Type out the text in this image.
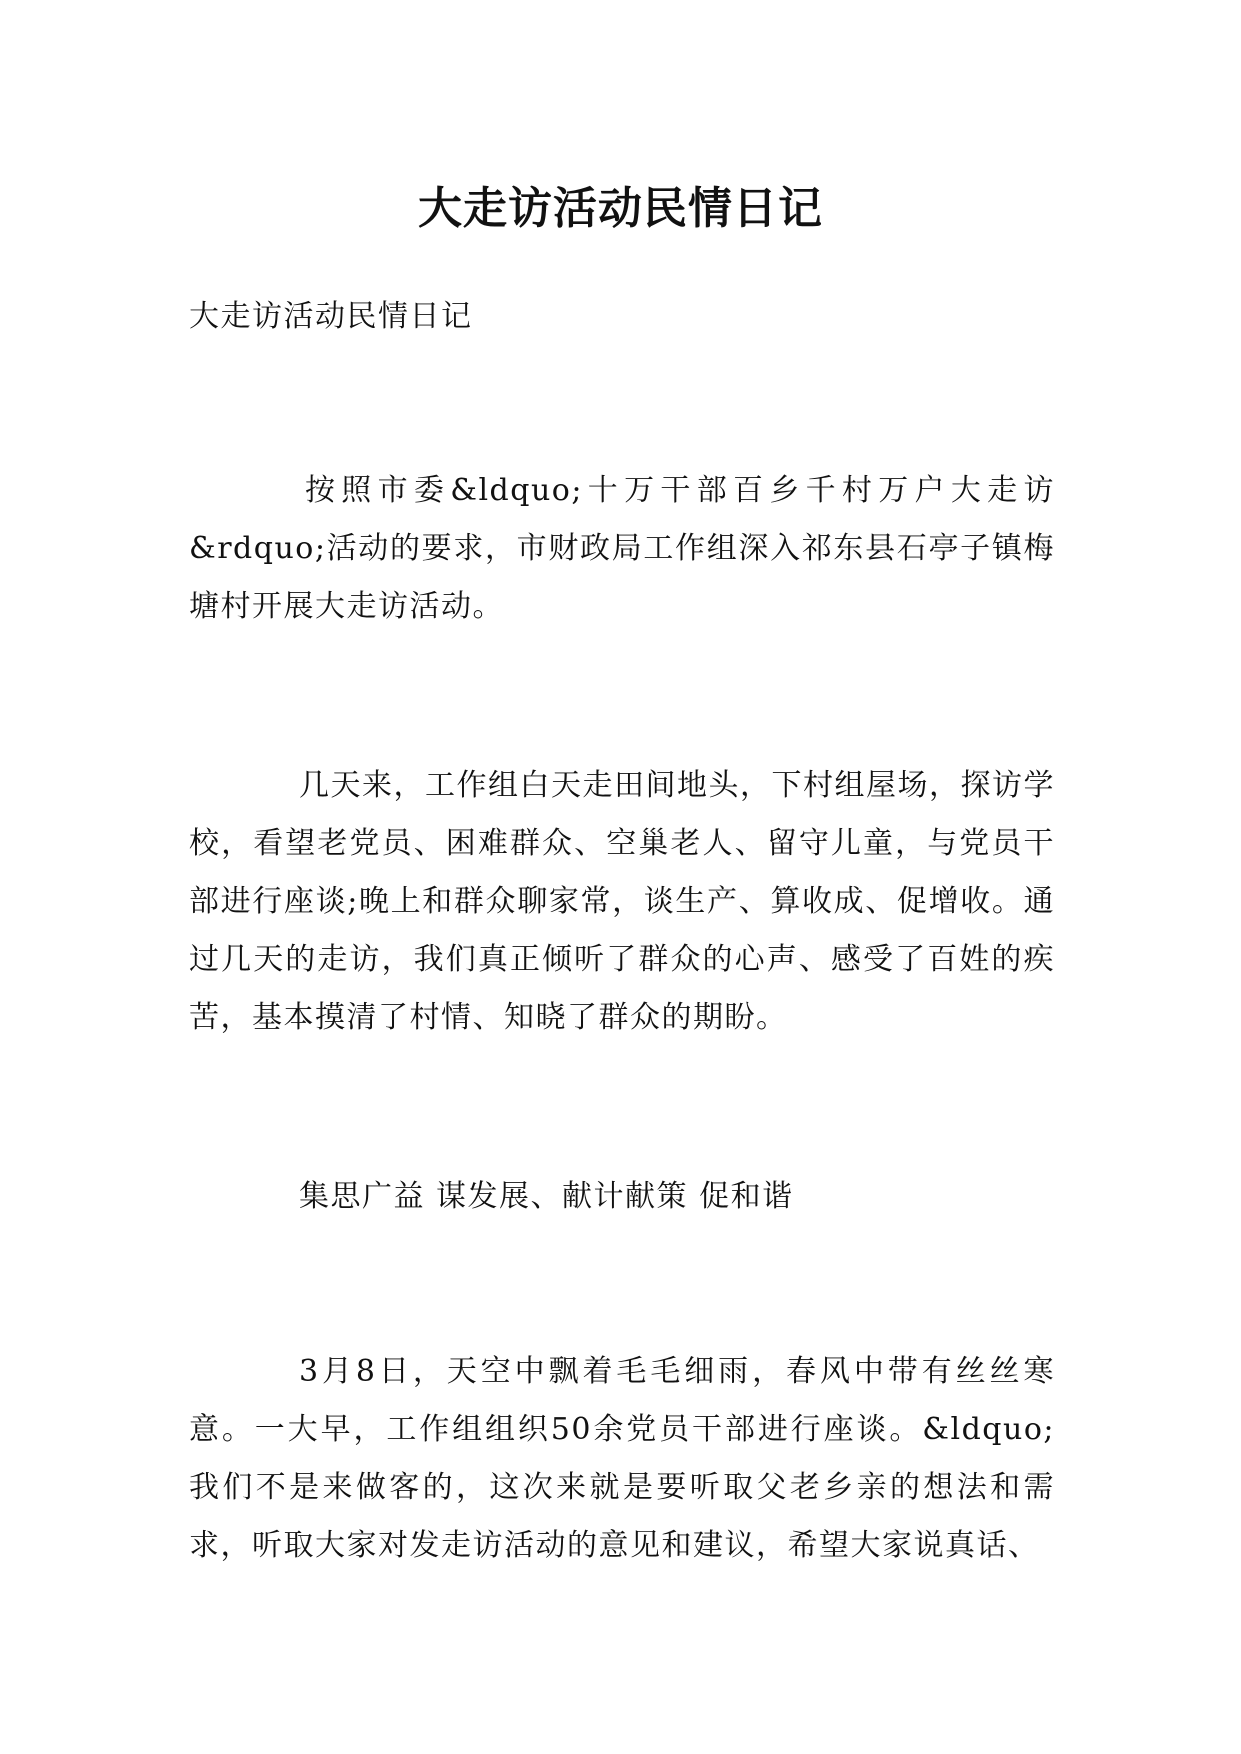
大走访活动民情日记

大走访活动民情日记

按照市委&ldquo;十万干部百乡千村万户大走访&rdquo;活动的要求，市财政局工作组深入祁东县石亭子镇梅塘村开展大走访活动。

几天来，工作组白天走田间地头，下村组屋场，探访学校，看望老党员、困难群众、空巢老人、留守儿童，与党员干部进行座谈;晚上和群众聊家常，谈生产、算收成、促增收。通过几天的走访，我们真正倾听了群众的心声、感受了百姓的疾苦，基本摸清了村情、知晓了群众的期盼。

集思广益 谋发展、献计献策 促和谐

3月8日，天空中飘着毛毛细雨，春风中带有丝丝寒意。一大早，工作组组织50余党员干部进行座谈。&ldquo;我们不是来做客的，这次来就是要听取父老乡亲的想法和需求，听取大家对发走访活动的意见和建议，希望大家说真话、
